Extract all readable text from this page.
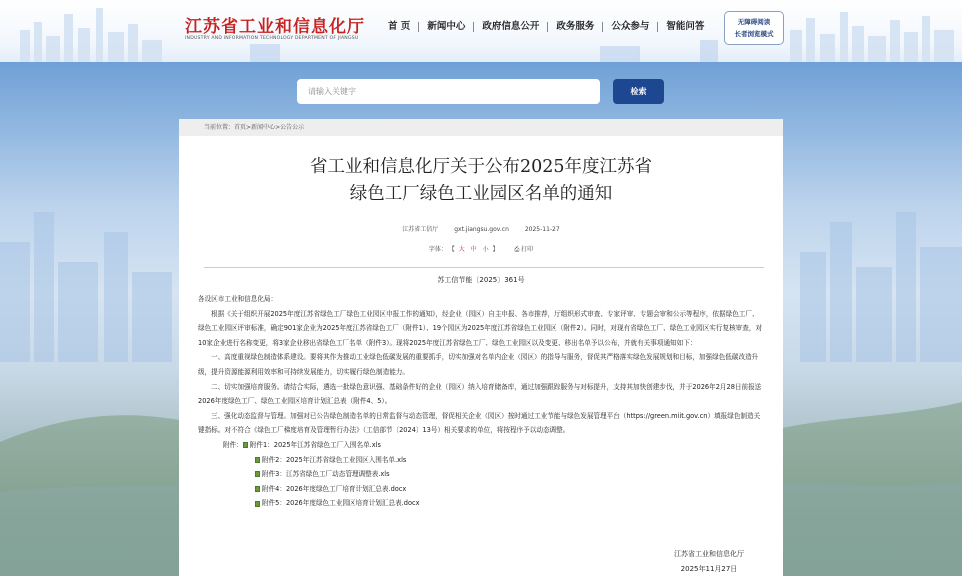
江苏省工业和信息化厅
INDUSTRY AND INFORMATION TECHNOLOGY DEPARTMENT OF JIANGSU
首 页	新闻中心	政府信息公开	政务服务	公众参与	智能问答	无障碍阅读
长者浏览模式
请输入关键字
检索
当前位置：首页>新闻中心>公告公示
省工业和信息化厅关于公布2025年度江苏省
绿色工厂绿色工业园区名单的通知
江苏省工信厅	gxt.jiangsu.gov.cn	2025-11-27
字体： 【 大 中 小 】	⎙ 打印
苏工信节能〔2025〕361号

各设区市工业和信息化局：

根据《关于组织开展2025年度江苏省绿色工厂绿色工业园区申报工作的通知》，经企业（园区）自主申报、各市推荐，厅组织形式审查、专家评审、专题会审和公示等程序，依据绿色工厂、绿色工业园区评审标准，确定901家企业为2025年度江苏省绿色工厂（附件1）、19个园区为2025年度江苏省绿色工业园区（附件2）。同时，对现有省绿色工厂、绿色工业园区实行复核审查，对10家企业进行名称变更，将3家企业移出省绿色工厂名单（附件3）。现将2025年度江苏省绿色工厂、绿色工业园区以及变更、移出名单予以公布，并就有关事项通知如下：

一、高度重视绿色制造体系建设。要将其作为推动工业绿色低碳发展的重要抓手，切实加强对名单内企业（园区）的指导与服务，督促其严格落实绿色发展规划和目标，加强绿色低碳改造升级，提升资源能源利用效率和可持续发展能力，切实履行绿色制造能力。

二、切实加强培育服务。请结合实际，遴选一批绿色意识强、基础条件好的企业（园区）纳入培育储备库，通过加强跟踪服务与对标提升，支持其加快创建步伐，并于2026年2月28日前报送2026年度绿色工厂、绿色工业园区培育计划汇总表（附件4、5）。

三、强化动态监督与管理。加强对已公告绿色制造名单的日常监督与动态管理，督促相关企业（园区）按时通过工业节能与绿色发展管理平台（https://green.miit.gov.cn）填报绿色制造关键指标。对不符合《绿色工厂梯度培育及管理暂行办法》（工信部节〔2024〕13号）相关要求的单位，将按程序予以动态调整。

附件： 附件1：2025年江苏省绿色工厂入围名单.xls
附件2：2025年江苏省绿色工业园区入围名单.xls
附件3：江苏省绿色工厂动态管理调整表.xls
附件4：2026年度绿色工厂培育计划汇总表.docx
附件5：2026年度绿色工业园区培育计划汇总表.docx
江苏省工业和信息化厅
2025年11月27日
